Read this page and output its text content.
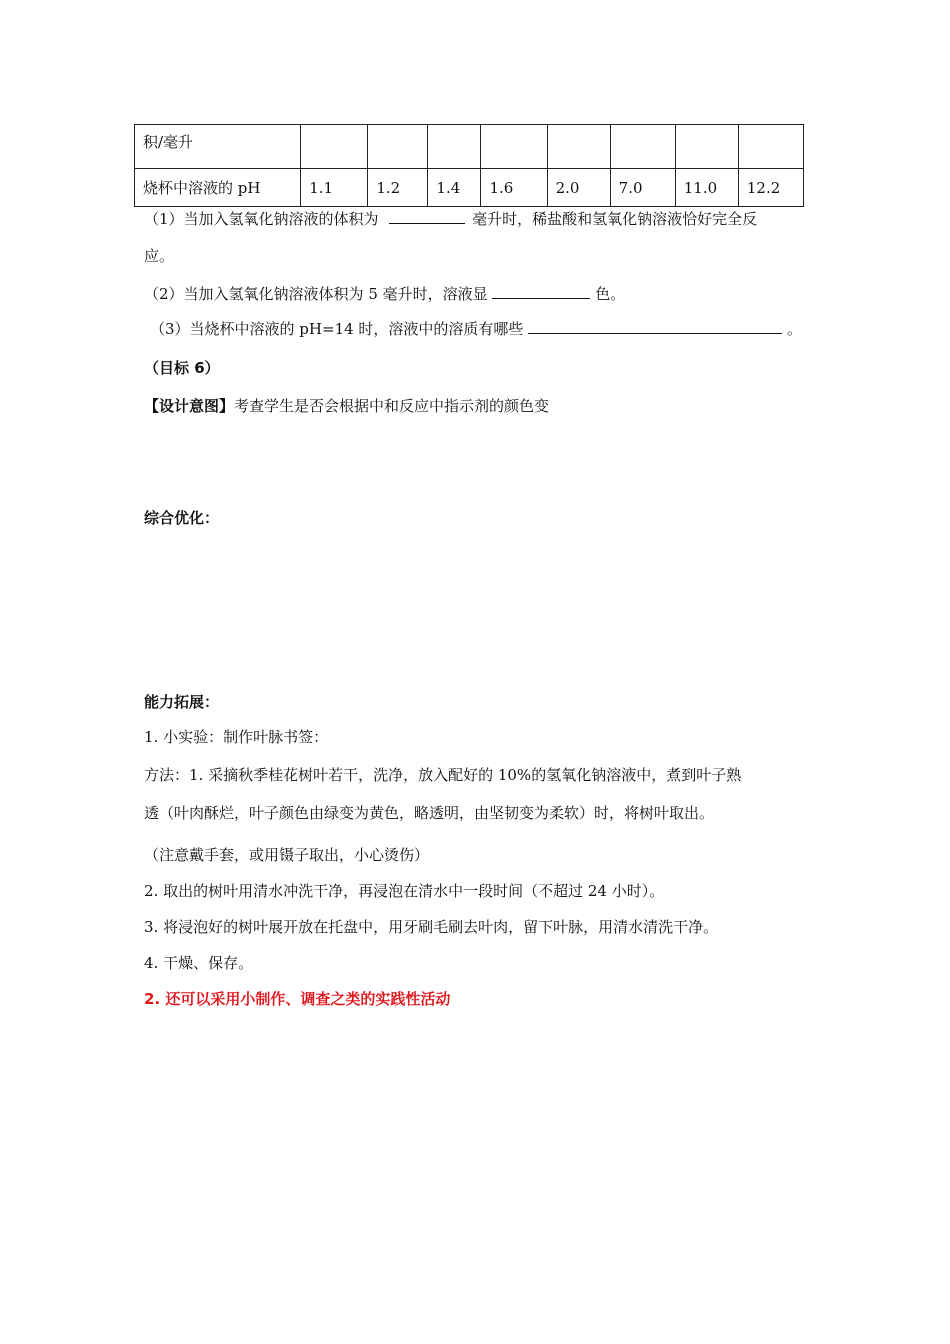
积/毫升								
烧杯中溶液的 pH	1.1	1.2	1.4	1.6	2.0	7.0	11.0	12.2
（1）当加入氢氧化钠溶液的体积为	毫升时，稀盐酸和氢氧化钠溶液恰好完全反
应。
（2）当加入氢氧化钠溶液体积为 5 毫升时，溶液显	色。
（3）当烧杯中溶液的 pH=14 时，溶液中的溶质有哪些	。
（目标 6）
【设计意图】考查学生是否会根据中和反应中指示剂的颜色变
综合优化：
能力拓展：
1. 小实验：制作叶脉书签：
方法：1. 采摘秋季桂花树叶若干，洗净，放入配好的 10%的氢氧化钠溶液中，煮到叶子熟
透（叶肉酥烂，叶子颜色由绿变为黄色，略透明，由坚韧变为柔软）时，将树叶取出。
（注意戴手套，或用镊子取出，小心烫伤）
2. 取出的树叶用清水冲洗干净，再浸泡在清水中一段时间（不超过 24 小时）。
3. 将浸泡好的树叶展开放在托盘中，用牙刷毛刷去叶肉，留下叶脉，用清水清洗干净。
4. 干燥、保存。
2. 还可以采用小制作、调查之类的实践性活动
